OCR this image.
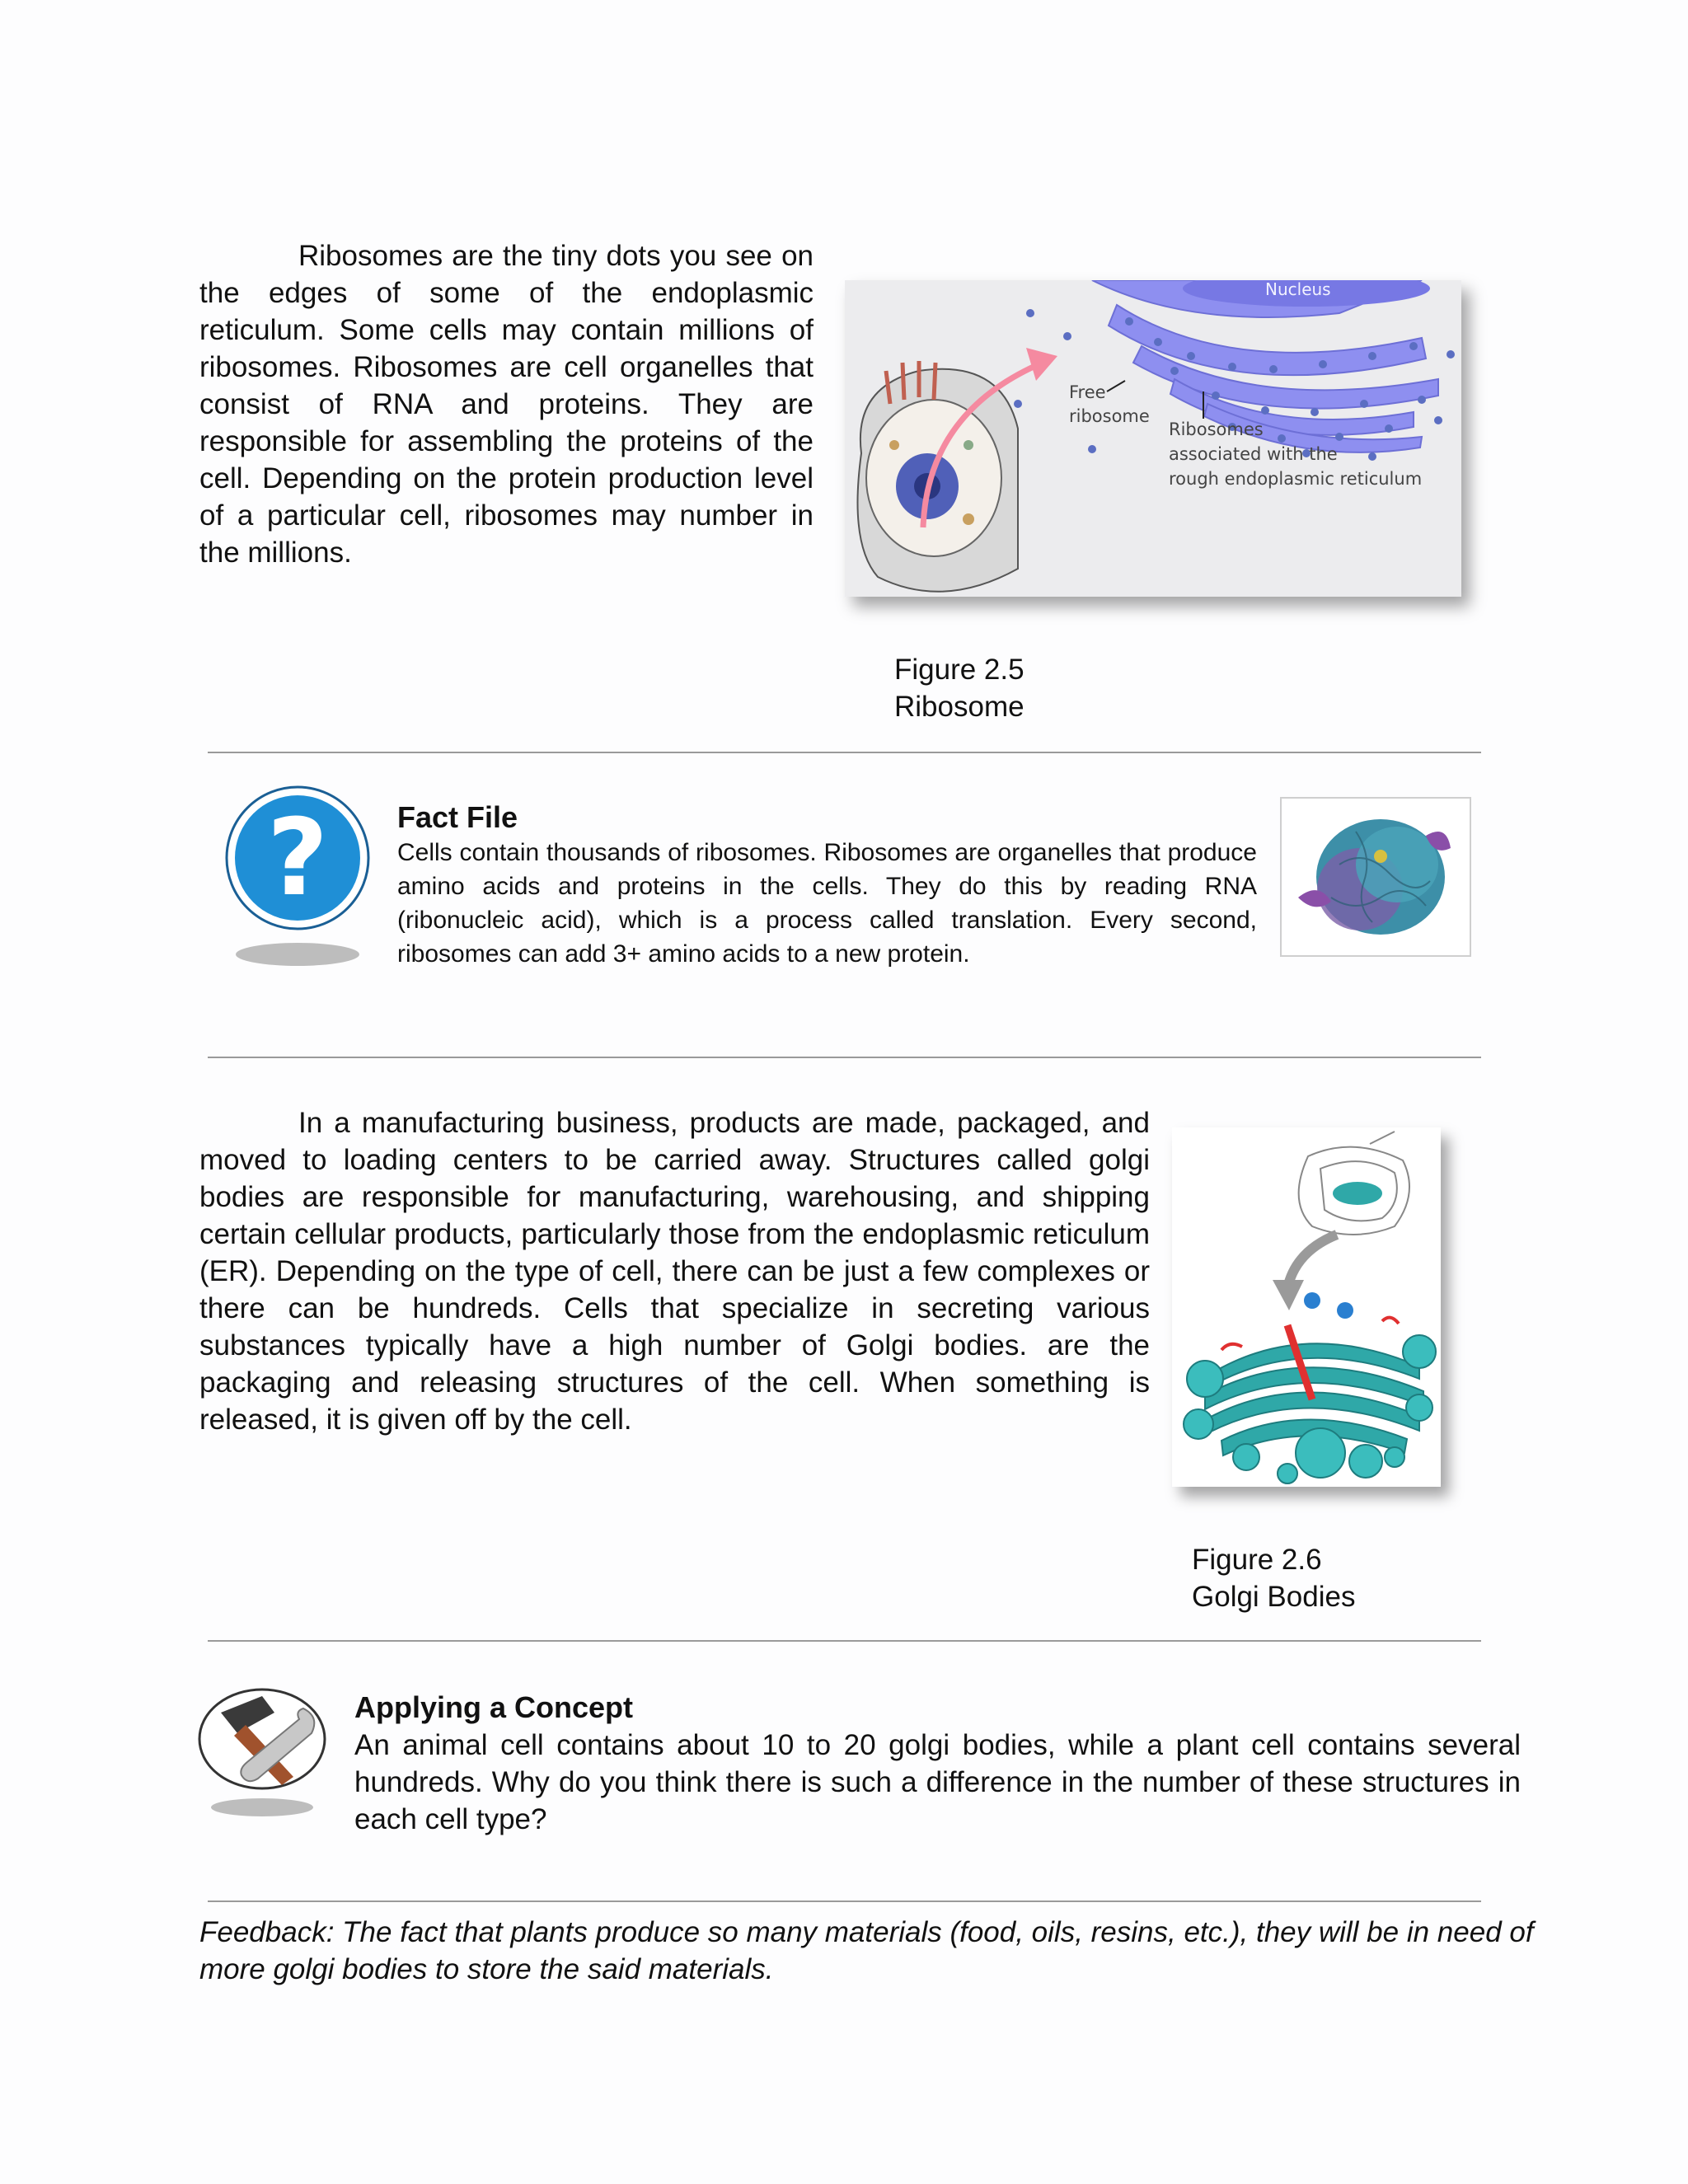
Ribosomes are the tiny dots you see on the edges of some of the endoplasmic reticulum. Some cells may contain millions of ribosomes. Ribosomes are cell organelles that consist of RNA and proteins. They are responsible for assembling the proteins of the cell. Depending on the protein production level of a particular cell, ribosomes may number in the millions.

Nucleus
Free
ribosome
Ribosomes
associated with the
rough endoplasmic reticulum
Figure 2.5
Ribosome
? Fact File
Cells contain thousands of ribosomes. Ribosomes are organelles that produce amino acids and proteins in the cells. They do this by reading RNA (ribonucleic acid), which is a process called translation. Every second, ribosomes can add 3+ amino acids to a new protein.

In a manufacturing business, products are made, packaged, and moved to loading centers to be carried away. Structures called golgi bodies are responsible for manufacturing, warehousing, and shipping certain cellular products, particularly those from the endoplasmic reticulum (ER). Depending on the type of cell, there can be just a few complexes or there can be hundreds. Cells that specialize in secreting various substances typically have a high number of Golgi bodies. are the packaging and releasing structures of the cell. When something is released, it is given off by the cell.

Figure 2.6
Golgi Bodies
Applying a Concept
An animal cell contains about 10 to 20 golgi bodies, while a plant cell contains several hundreds. Why do you think there is such a difference in the number of these structures in each cell type?
Feedback: The fact that plants produce so many materials (food, oils, resins, etc.), they will be in need of more golgi bodies to store the said materials.
